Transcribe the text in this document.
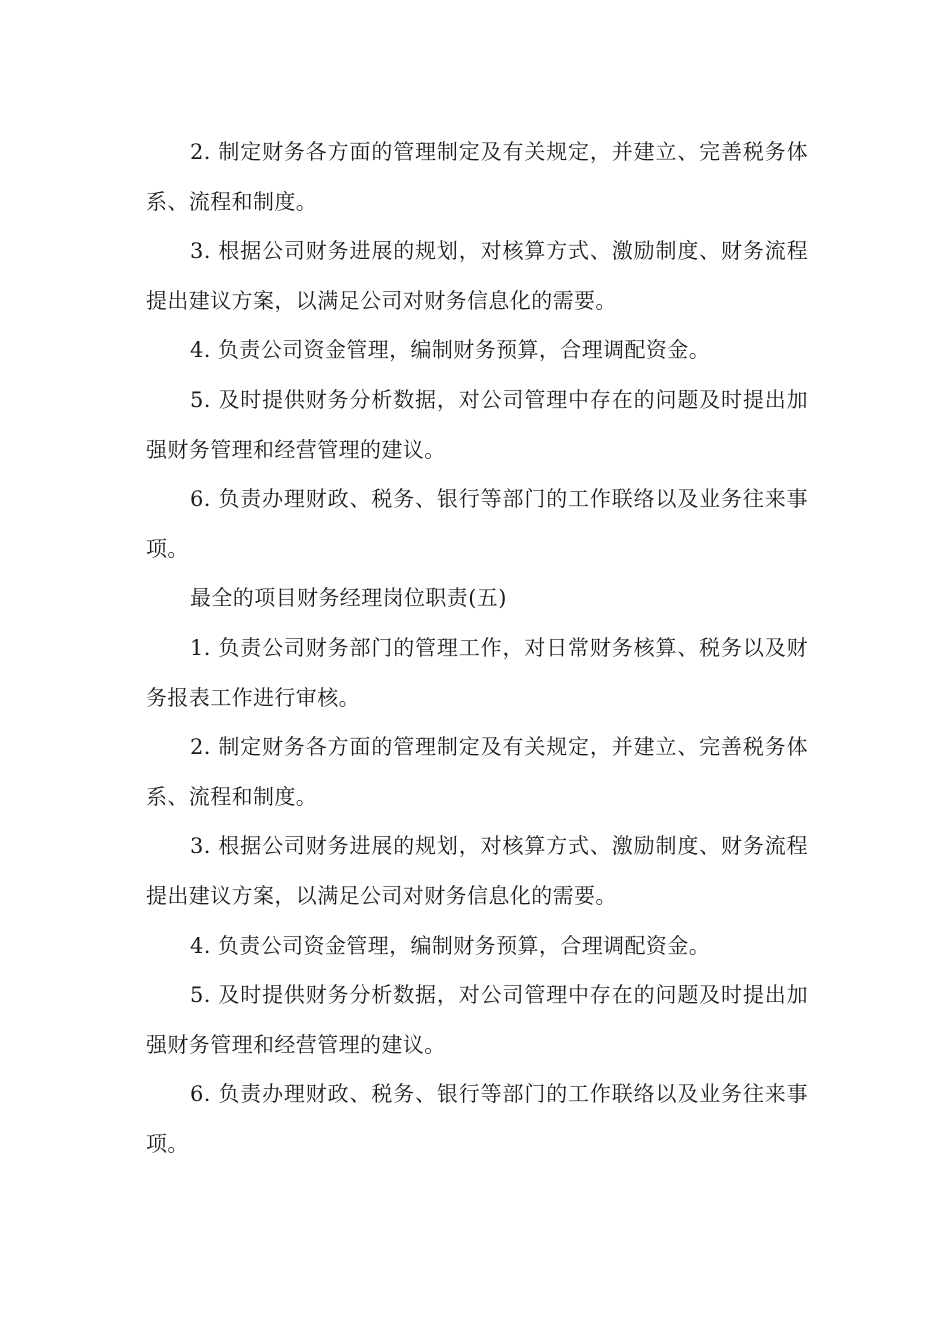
2. 制定财务各方面的管理制定及有关规定，并建立、完善税务体系、流程和制度。

3. 根据公司财务进展的规划，对核算方式、激励制度、财务流程提出建议方案，以满足公司对财务信息化的需要。

4. 负责公司资金管理，编制财务预算，合理调配资金。

5. 及时提供财务分析数据，对公司管理中存在的问题及时提出加强财务管理和经营管理的建议。

6. 负责办理财政、税务、银行等部门的工作联络以及业务往来事项。

最全的项目财务经理岗位职责(五)

1. 负责公司财务部门的管理工作，对日常财务核算、税务以及财务报表工作进行审核。

2. 制定财务各方面的管理制定及有关规定，并建立、完善税务体系、流程和制度。

3. 根据公司财务进展的规划，对核算方式、激励制度、财务流程提出建议方案，以满足公司对财务信息化的需要。

4. 负责公司资金管理，编制财务预算，合理调配资金。

5. 及时提供财务分析数据，对公司管理中存在的问题及时提出加强财务管理和经营管理的建议。

6. 负责办理财政、税务、银行等部门的工作联络以及业务往来事项。
